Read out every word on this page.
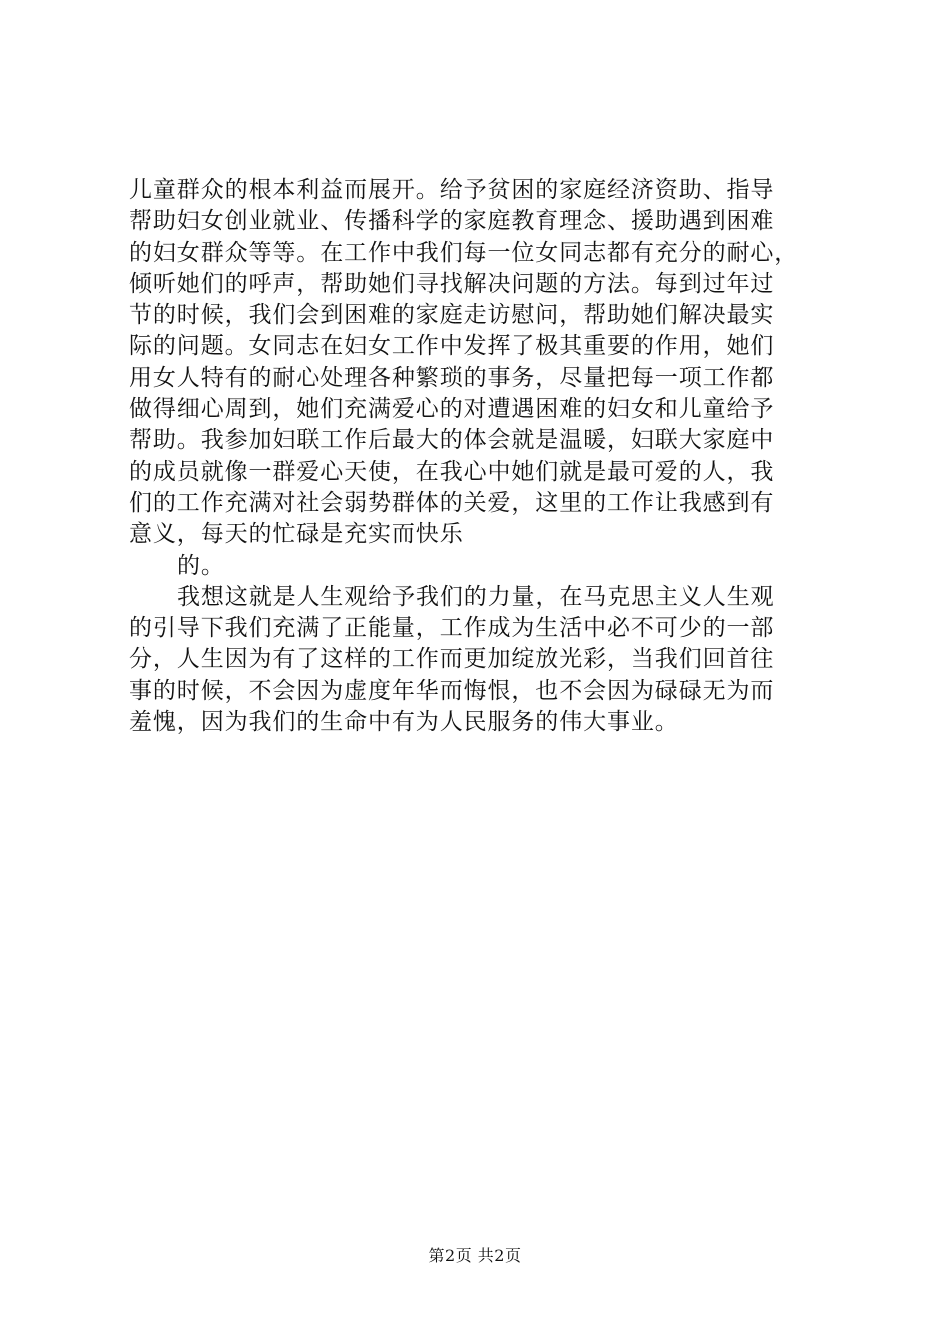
儿童群众的根本利益而展开。给予贫困的家庭经济资助、指导
帮助妇女创业就业、传播科学的家庭教育理念、援助遇到困难
的妇女群众等等。在工作中我们每一位女同志都有充分的耐心，
倾听她们的呼声，帮助她们寻找解决问题的方法。每到过年过
节的时候，我们会到困难的家庭走访慰问，帮助她们解决最实
际的问题。女同志在妇女工作中发挥了极其重要的作用，她们
用女人特有的耐心处理各种繁琐的事务，尽量把每一项工作都
做得细心周到，她们充满爱心的对遭遇困难的妇女和儿童给予
帮助。我参加妇联工作后最大的体会就是温暖，妇联大家庭中
的成员就像一群爱心天使，在我心中她们就是最可爱的人，我
们的工作充满对社会弱势群体的关爱，这里的工作让我感到有
意义，每天的忙碌是充实而快乐
的。
我想这就是人生观给予我们的力量，在马克思主义人生观
的引导下我们充满了正能量，工作成为生活中必不可少的一部
分，人生因为有了这样的工作而更加绽放光彩，当我们回首往
事的时候，不会因为虚度年华而悔恨，也不会因为碌碌无为而
羞愧，因为我们的生命中有为人民服务的伟大事业。
第2页 共2页
